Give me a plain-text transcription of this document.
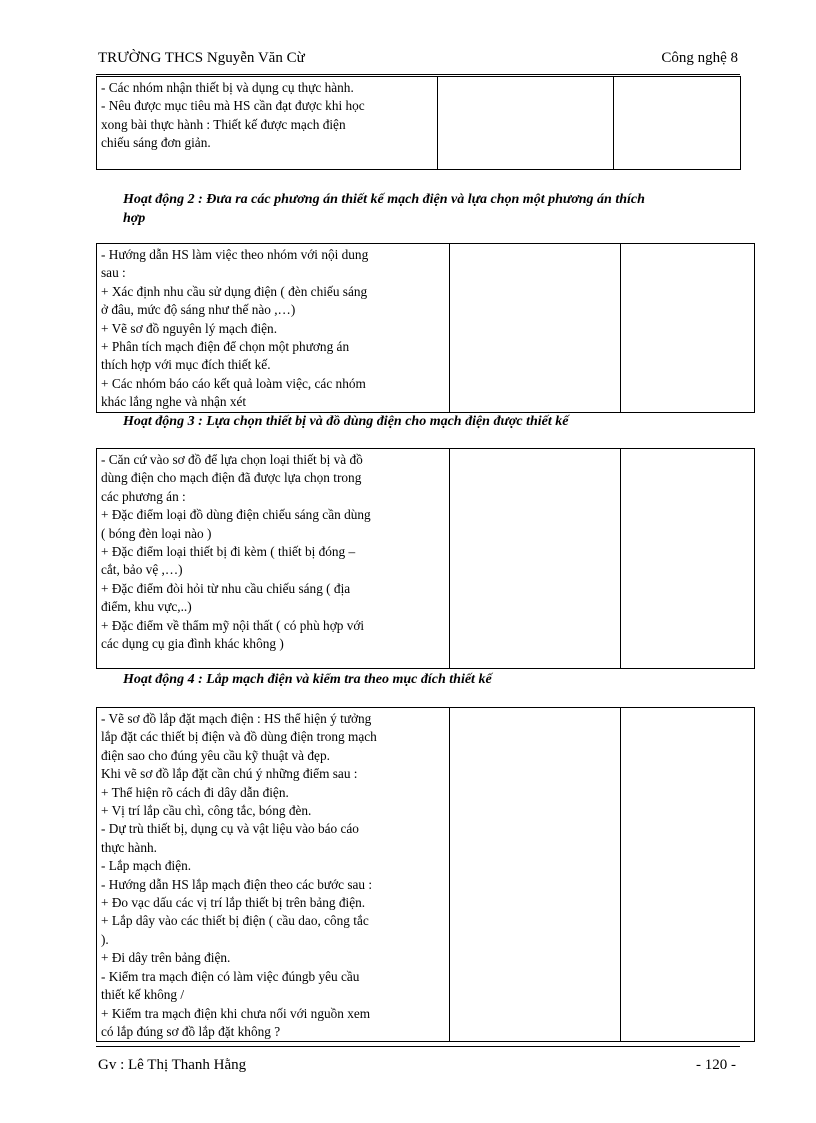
TRƯỜNG THCS Nguyễn Văn Cừ	Công nghệ 8
- Các nhóm nhận thiết bị và dụng cụ thực hành.
- Nêu được mục tiêu mà HS cần đạt được khi học
xong bài thực hành : Thiết kế được mạch điện
chiếu sáng đơn giản.

Hoạt động 2 : Đưa ra các phương án thiết kế mạch điện và lựa chọn một phương án thích
hợp
- Hướng dẫn HS làm việc theo nhóm với nội dung
sau :
+ Xác định nhu cầu sử dụng điện ( đèn chiếu sáng
ở đâu, mức độ sáng như thế nào ,…)
+ Vẽ sơ đồ nguyên lý mạch điện.
+ Phân tích mạch điện để chọn một phương án
thích hợp với mục đích thiết kế.
+ Các nhóm báo cáo kết quả loàm việc, các nhóm
khác lắng nghe và nhận xét

Hoạt động 3 : Lựa chọn thiết bị và đồ dùng điện cho mạch điện được thiết kế
- Căn cứ vào sơ đồ để lựa chọn loại thiết bị và đồ
dùng điện cho mạch điện đã được lựa chọn trong
các phương án :
+ Đặc điểm loại đồ dùng điện chiếu sáng cần dùng
( bóng đèn loại nào )
+ Đặc điểm loại thiết bị đi kèm ( thiết bị đóng –
cắt, bảo vệ ,…)
+ Đặc điểm đòi hỏi từ nhu cầu chiếu sáng ( địa
điểm, khu vực,..)
+ Đặc điểm về thẩm mỹ nội thất ( có phù hợp với
các dụng cụ gia đình khác không )

Hoạt động 4 : Lắp mạch điện và kiểm tra theo mục đích thiết kế
- Vẽ sơ đồ lắp đặt mạch điện : HS thể hiện ý tưởng
lắp đặt các thiết bị điện và đồ dùng điện trong mạch
điện sao cho đúng yêu cầu kỹ thuật và đẹp.
Khi vẽ sơ đồ lắp đặt cần chú ý những điểm sau :
+ Thể hiện rõ cách đi dây dẫn điện.
+ Vị trí lắp cầu chì, công tắc, bóng đèn.
- Dự trù thiết bị, dụng cụ và vật liệu vào báo cáo
thực hành.
- Lắp mạch điện.
- Hướng dẫn HS lắp mạch điện theo các bước sau :
+ Đo vạc dấu các vị trí lắp thiết bị trên bảng điện.
+ Lắp dây vào các thiết bị điện ( cầu dao, công tắc
).
+ Đi dây trên bảng điện.
- Kiểm tra mạch điện có làm việc đúngb yêu cầu
thiết kế không /
+ Kiểm tra mạch điện khi chưa nối với nguồn xem
có lắp đúng sơ đồ lắp đặt không ?

Gv : Lê Thị Thanh Hằng	- 120 -
